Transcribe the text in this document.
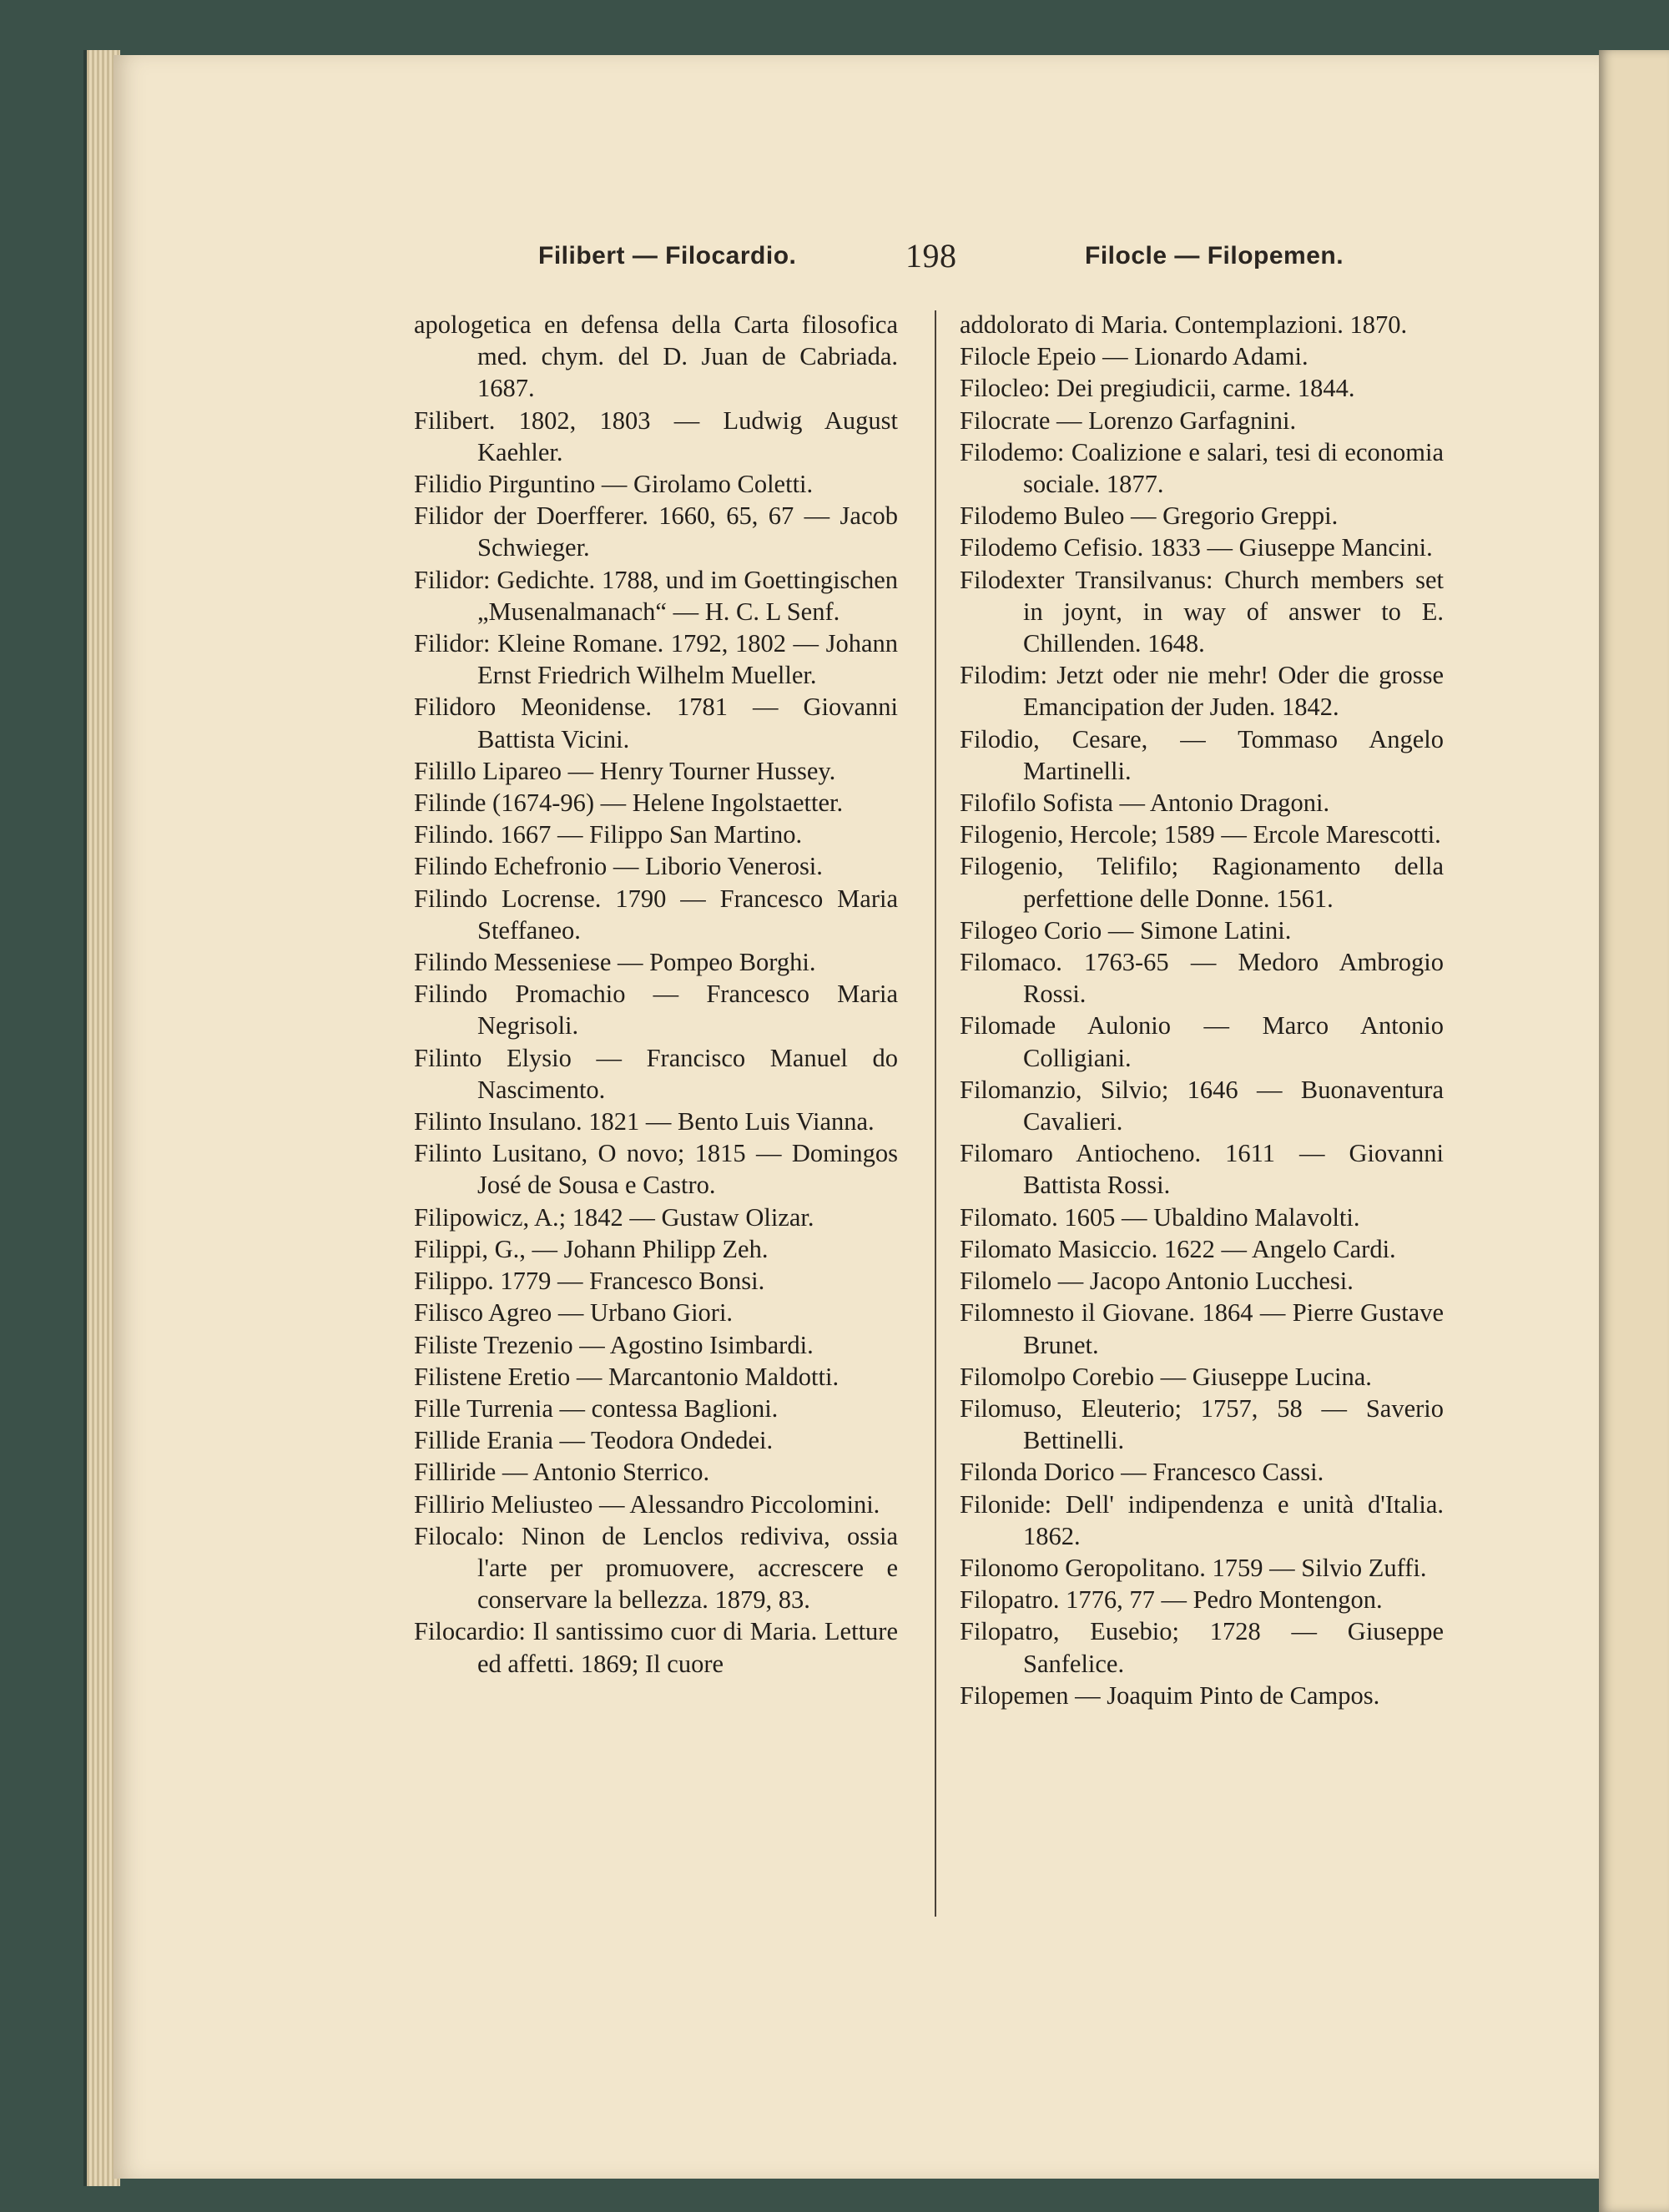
Filibert — Filocardio.	198	Filocle — Filopemen.
apologetica en defensa della Carta filosofica med. chym. del D. Juan de Cabriada. 1687.
Filibert. 1802, 1803 — Ludwig August Kaehler.
Filidio Pirguntino — Girolamo Coletti.
Filidor der Doerfferer. 1660, 65, 67 — Jacob Schwieger.
Filidor: Gedichte. 1788, und im Goettingischen „Musenalmanach“ — H. C. L Senf.
Filidor: Kleine Romane. 1792, 1802 — Johann Ernst Friedrich Wilhelm Mueller.
Filidoro Meonidense. 1781 — Giovanni Battista Vicini.
Filillo Lipareo — Henry Tourner Hussey.
Filinde (1674-96) — Helene Ingolstaetter.
Filindo. 1667 — Filippo San Martino.
Filindo Echefronio — Liborio Venerosi.
Filindo Locrense. 1790 — Francesco Maria Steffaneo.
Filindo Messeniese — Pompeo Borghi.
Filindo Promachio — Francesco Maria Negrisoli.
Filinto Elysio — Francisco Manuel do Nascimento.
Filinto Insulano. 1821 — Bento Luis Vianna.
Filinto Lusitano, O novo; 1815 — Domingos José de Sousa e Castro.
Filipowicz, A.; 1842 — Gustaw Olizar.
Filippi, G., — Johann Philipp Zeh.
Filippo. 1779 — Francesco Bonsi.
Filisco Agreo — Urbano Giori.
Filiste Trezenio — Agostino Isimbardi.
Filistene Eretio — Marcantonio Maldotti.
Fille Turrenia — contessa Baglioni.
Fillide Erania — Teodora Ondedei.
Filliride — Antonio Sterrico.
Fillirio Meliusteo — Alessandro Piccolomini.
Filocalo: Ninon de Lenclos rediviva, ossia l'arte per promuovere, accrescere e conservare la bellezza. 1879, 83.
Filocardio: Il santissimo cuor di Maria. Letture ed affetti. 1869; Il cuore
addolorato di Maria. Contemplazioni. 1870.
Filocle Epeio — Lionardo Adami.
Filocleo: Dei pregiudicii, carme. 1844.
Filocrate — Lorenzo Garfagnini.
Filodemo: Coalizione e salari, tesi di economia sociale. 1877.
Filodemo Buleo — Gregorio Greppi.
Filodemo Cefisio. 1833 — Giuseppe Mancini.
Filodexter Transilvanus: Church members set in joynt, in way of answer to E. Chillenden. 1648.
Filodim: Jetzt oder nie mehr! Oder die grosse Emancipation der Juden. 1842.
Filodio, Cesare, — Tommaso Angelo Martinelli.
Filofilo Sofista — Antonio Dragoni.
Filogenio, Hercole; 1589 — Ercole Marescotti.
Filogenio, Telifilo; Ragionamento della perfettione delle Donne. 1561.
Filogeo Corio — Simone Latini.
Filomaco. 1763-65 — Medoro Ambrogio Rossi.
Filomade Aulonio — Marco Antonio Colligiani.
Filomanzio, Silvio; 1646 — Buonaventura Cavalieri.
Filomaro Antiocheno. 1611 — Giovanni Battista Rossi.
Filomato. 1605 — Ubaldino Malavolti.
Filomato Masiccio. 1622 — Angelo Cardi.
Filomelo — Jacopo Antonio Lucchesi.
Filomnesto il Giovane. 1864 — Pierre Gustave Brunet.
Filomolpo Corebio — Giuseppe Lucina.
Filomuso, Eleuterio; 1757, 58 — Saverio Bettinelli.
Filonda Dorico — Francesco Cassi.
Filonide: Dell' indipendenza e unità d'Italia. 1862.
Filonomo Geropolitano. 1759 — Silvio Zuffi.
Filopatro. 1776, 77 — Pedro Montengon.
Filopatro, Eusebio; 1728 — Giuseppe Sanfelice.
Filopemen — Joaquim Pinto de Campos.
